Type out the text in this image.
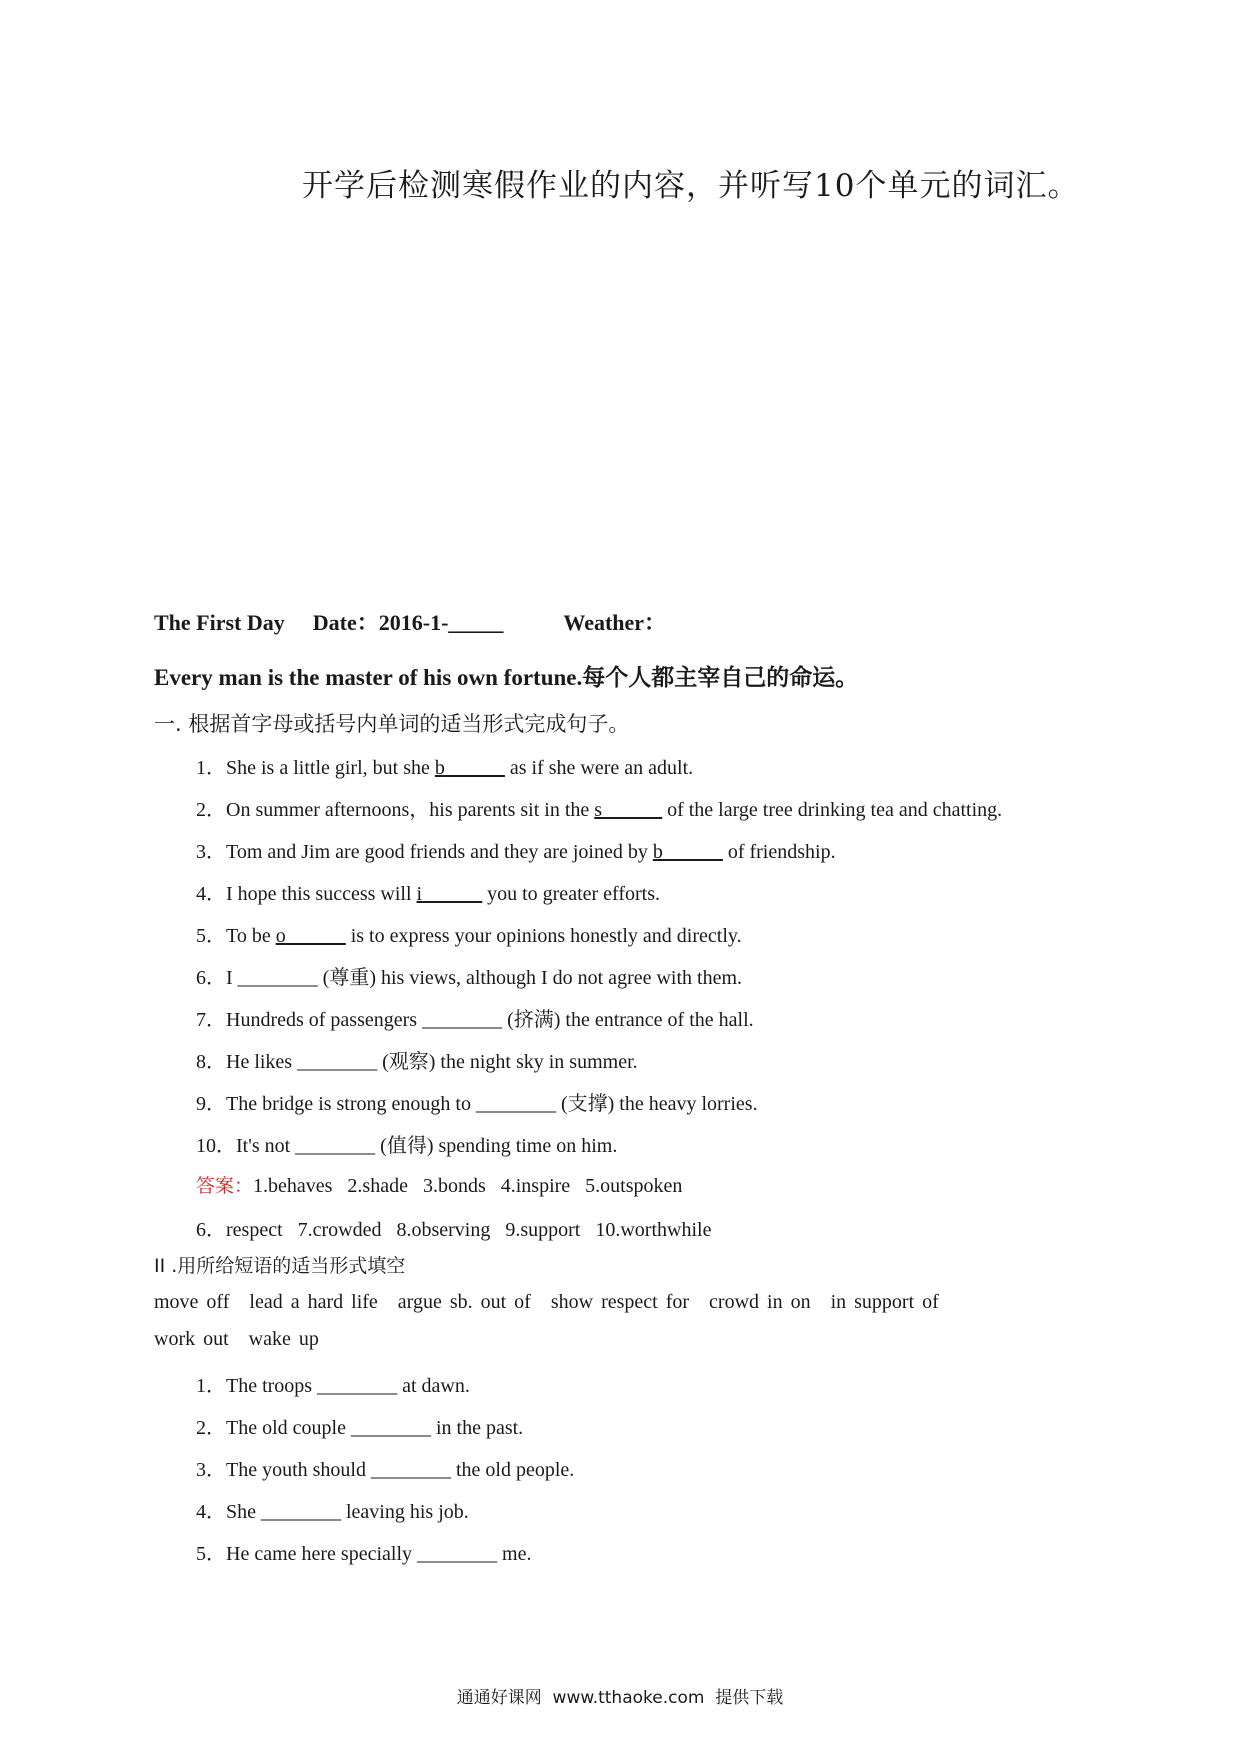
开学后检测寒假作业的内容，并听写10个单元的词汇。
The First Day Date：2016-1-_____	Weather：
Every man is the master of his own fortune.每个人都主宰自己的命运。
一. 根据首字母或括号内单词的适当形式完成句子。
1．She is a little girl, but she b______ as if she were an adult.
2．On summer afternoons，his parents sit in the s______ of the large tree drinking tea and chatting.
3．Tom and Jim are good friends and they are joined by b______ of friendship.
4．I hope this success will i______ you to greater efforts.
5．To be o______ is to express your opinions honestly and directly.
6．I ________ (尊重) his views, although I do not agree with them.
7．Hundreds of passengers ________ (挤满) the entrance of the hall.
8．He likes ________ (观察) the night sky in summer.
9．The bridge is strong enough to ________ (支撑) the heavy lorries.
10．It's not ________ (值得) spending time on him.
答案：1.behaves   2.shade   3.bonds   4.inspire   5.outspoken
6．respect   7.crowded   8.observing   9.support   10.worthwhile
II .用所给短语的适当形式填空
move off lead a hard life argue sb. out of show respect for crowd in on in support of
work out wake up
1．The troops ________ at dawn.
2．The old couple ________ in the past.
3．The youth should ________ the old people.
4．She ________ leaving his job.
5．He came here specially ________ me.
通通好课网  www.tthaoke.com  提供下载
